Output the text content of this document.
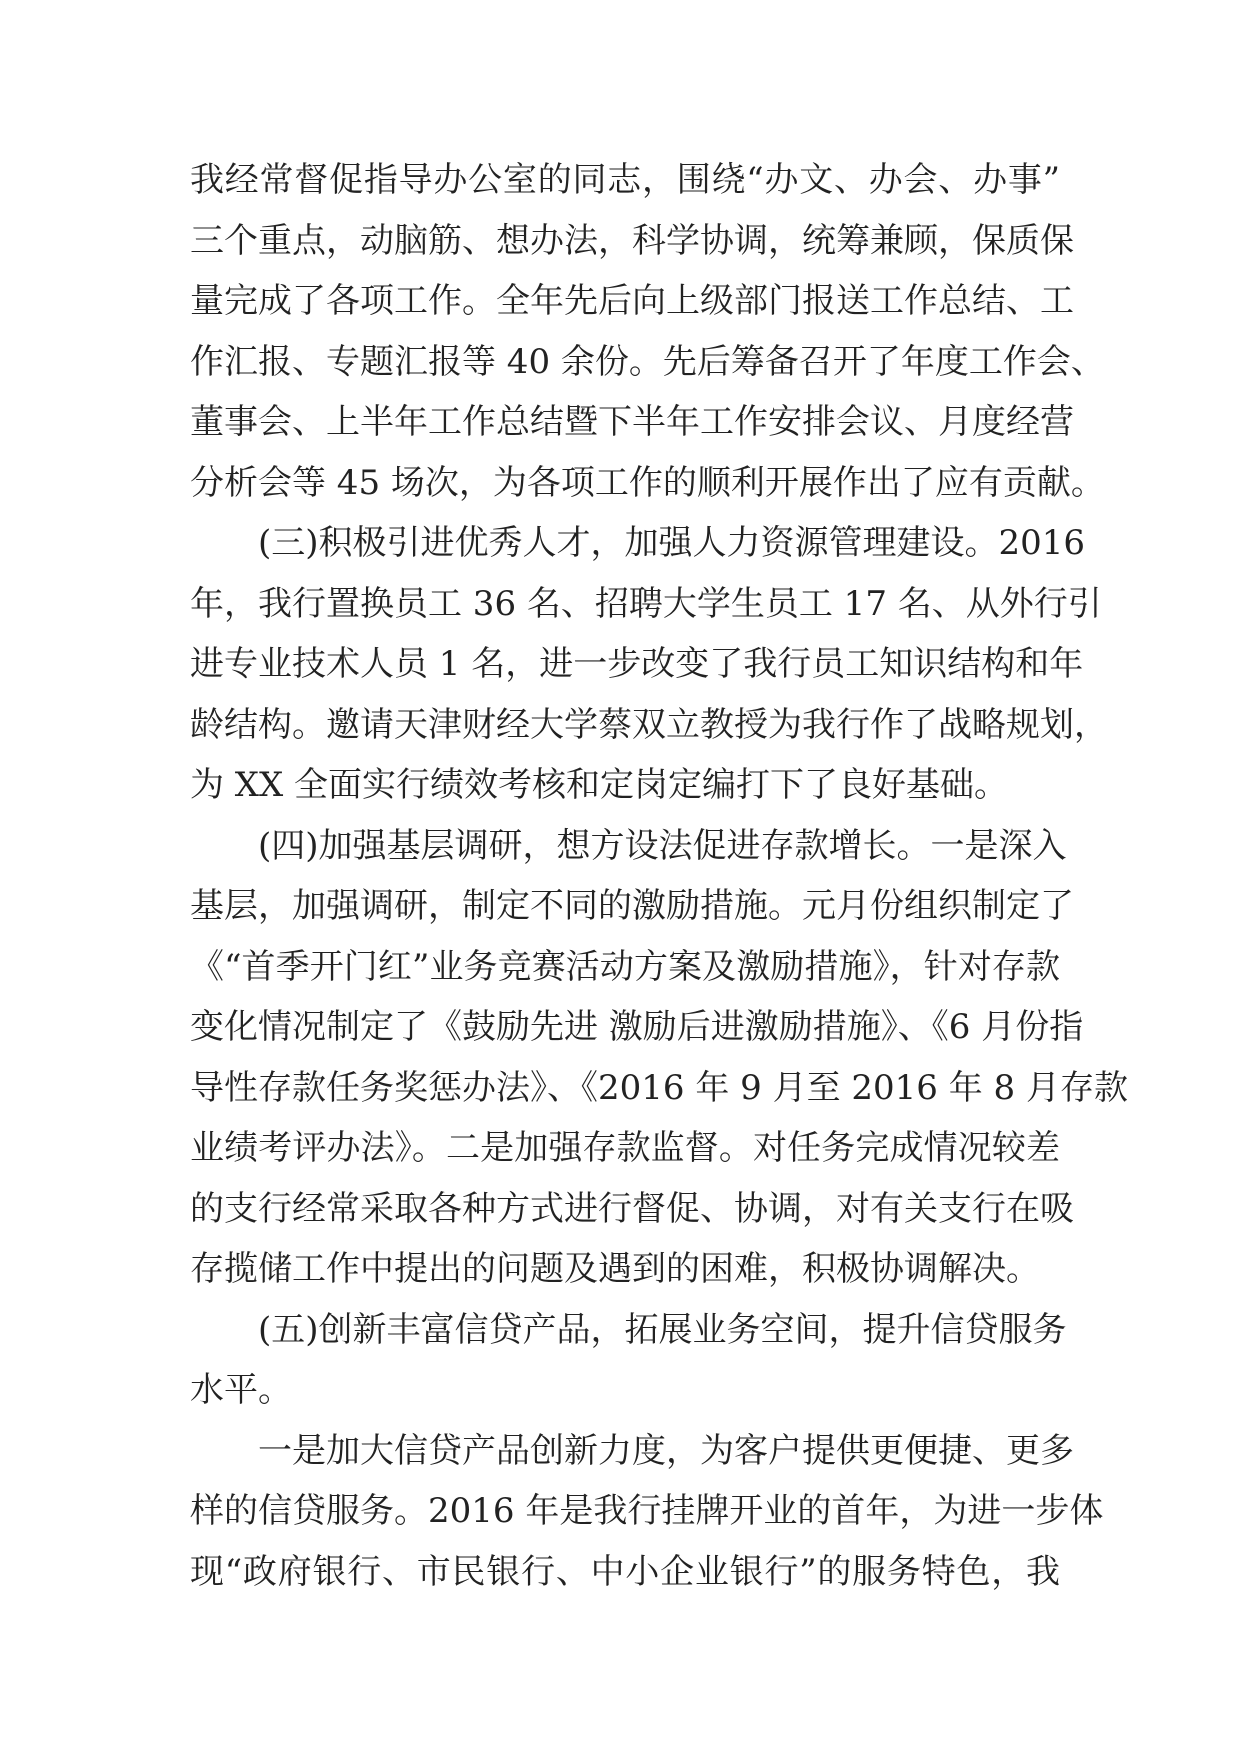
我经常督促指导办公室的同志，围绕“办文、办会、办事”
三个重点，动脑筋、想办法，科学协调，统筹兼顾，保质保
量完成了各项工作。全年先后向上级部门报送工作总结、工
作汇报、专题汇报等 40 余份。先后筹备召开了年度工作会、
董事会、上半年工作总结暨下半年工作安排会议、月度经营
分析会等 45 场次，为各项工作的顺利开展作出了应有贡献。
(三)积极引进优秀人才，加强人力资源管理建设。2016
年，我行置换员工 36 名、招聘大学生员工 17 名、从外行引
进专业技术人员 1 名，进一步改变了我行员工知识结构和年
龄结构。邀请天津财经大学蔡双立教授为我行作了战略规划，
为 XX 全面实行绩效考核和定岗定编打下了良好基础。
(四)加强基层调研，想方设法促进存款增长。一是深入
基层，加强调研，制定不同的激励措施。元月份组织制定了
《“首季开门红”业务竞赛活动方案及激励措施》，针对存款
变化情况制定了《鼓励先进 激励后进激励措施》、《6 月份指
导性存款任务奖惩办法》、《2016 年 9 月至 2016 年 8 月存款
业绩考评办法》。二是加强存款监督。对任务完成情况较差
的支行经常采取各种方式进行督促、协调，对有关支行在吸
存揽储工作中提出的问题及遇到的困难，积极协调解决。
(五)创新丰富信贷产品，拓展业务空间，提升信贷服务
水平。
一是加大信贷产品创新力度，为客户提供更便捷、更多
样的信贷服务。2016 年是我行挂牌开业的首年，为进一步体
现“政府银行、市民银行、中小企业银行”的服务特色，我
